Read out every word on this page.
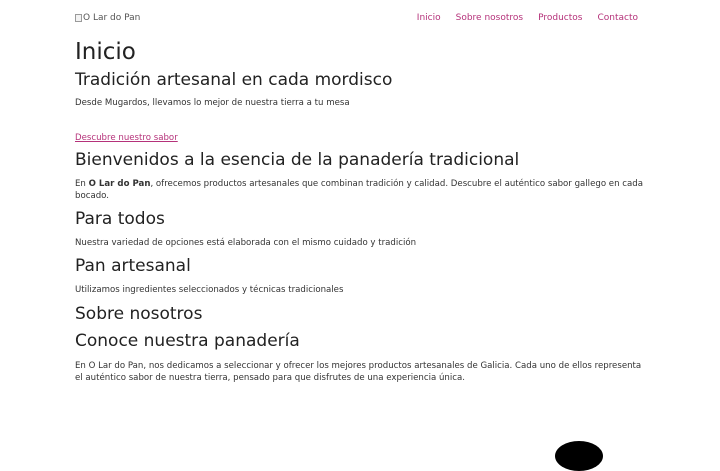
O Lar do Pan	Inicio Sobre nosotros Productos Contacto
Inicio
Tradición artesanal en cada mordisco

Desde Mugardos, llevamos lo mejor de nuestra tierra a tu mesa

Descubre nuestro sabor
Bienvenidos a la esencia de la panadería tradicional

En O Lar do Pan, ofrecemos productos artesanales que combinan tradición y calidad. Descubre el auténtico sabor gallego en cada bocado.

Para todos

Nuestra variedad de opciones está elaborada con el mismo cuidado y tradición

Pan artesanal

Utilizamos ingredientes seleccionados y técnicas tradicionales

Sobre nosotros
Conoce nuestra panadería

En O Lar do Pan, nos dedicamos a seleccionar y ofrecer los mejores productos artesanales de Galicia. Cada uno de ellos representa el auténtico sabor de nuestra tierra, pensado para que disfrutes de una experiencia única.
